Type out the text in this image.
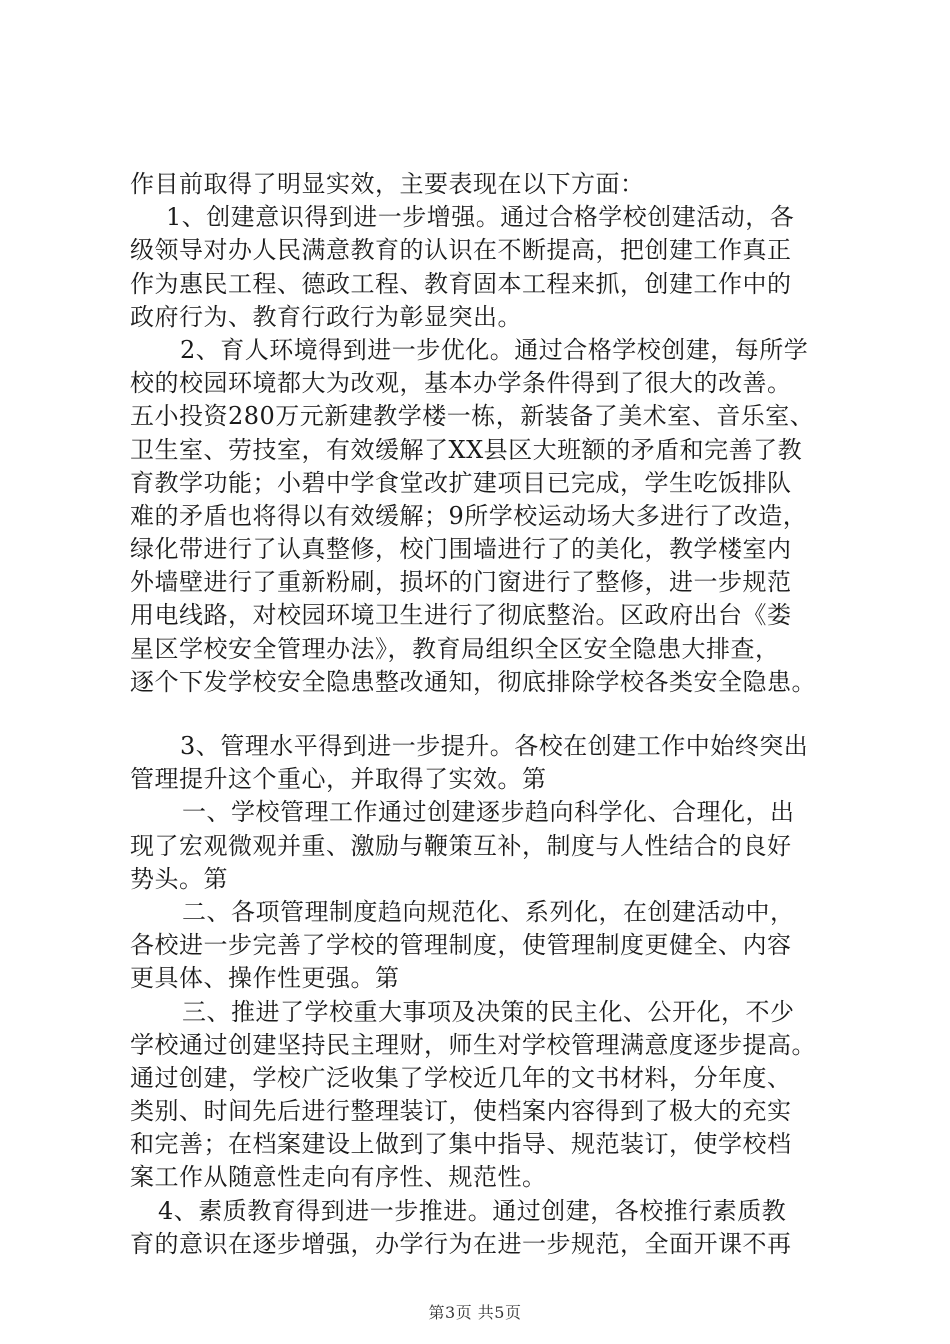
作目前取得了明显实效，主要表现在以下方面：
1、创建意识得到进一步增强。通过合格学校创建活动，各
级领导对办人民满意教育的认识在不断提高，把创建工作真正
作为惠民工程、德政工程、教育固本工程来抓，创建工作中的
政府行为、教育行政行为彰显突出。
2、育人环境得到进一步优化。通过合格学校创建，每所学
校的校园环境都大为改观，基本办学条件得到了很大的改善。
五小投资280万元新建教学楼一栋，新装备了美术室、音乐室、
卫生室、劳技室，有效缓解了XX县区大班额的矛盾和完善了教
育教学功能；小碧中学食堂改扩建项目已完成，学生吃饭排队
难的矛盾也将得以有效缓解；9所学校运动场大多进行了改造，
绿化带进行了认真整修，校门围墙进行了的美化，教学楼室内
外墙壁进行了重新粉刷，损坏的门窗进行了整修，进一步规范
用电线路，对校园环境卫生进行了彻底整治。区政府出台《娄
星区学校安全管理办法》，教育局组织全区安全隐患大排查，
逐个下发学校安全隐患整改通知，彻底排除学校各类安全隐患。
3、管理水平得到进一步提升。各校在创建工作中始终突出
管理提升这个重心，并取得了实效。第
一、学校管理工作通过创建逐步趋向科学化、合理化，出
现了宏观微观并重、激励与鞭策互补，制度与人性结合的良好
势头。第
二、各项管理制度趋向规范化、系列化，在创建活动中，
各校进一步完善了学校的管理制度，使管理制度更健全、内容
更具体、操作性更强。第
三、推进了学校重大事项及决策的民主化、公开化，不少
学校通过创建坚持民主理财，师生对学校管理满意度逐步提高。
通过创建，学校广泛收集了学校近几年的文书材料，分年度、
类别、时间先后进行整理装订，使档案内容得到了极大的充实
和完善；在档案建设上做到了集中指导、规范装订，使学校档
案工作从随意性走向有序性、规范性。
4、素质教育得到进一步推进。通过创建，各校推行素质教
育的意识在逐步增强，办学行为在进一步规范，全面开课不再
第3页 共5页
